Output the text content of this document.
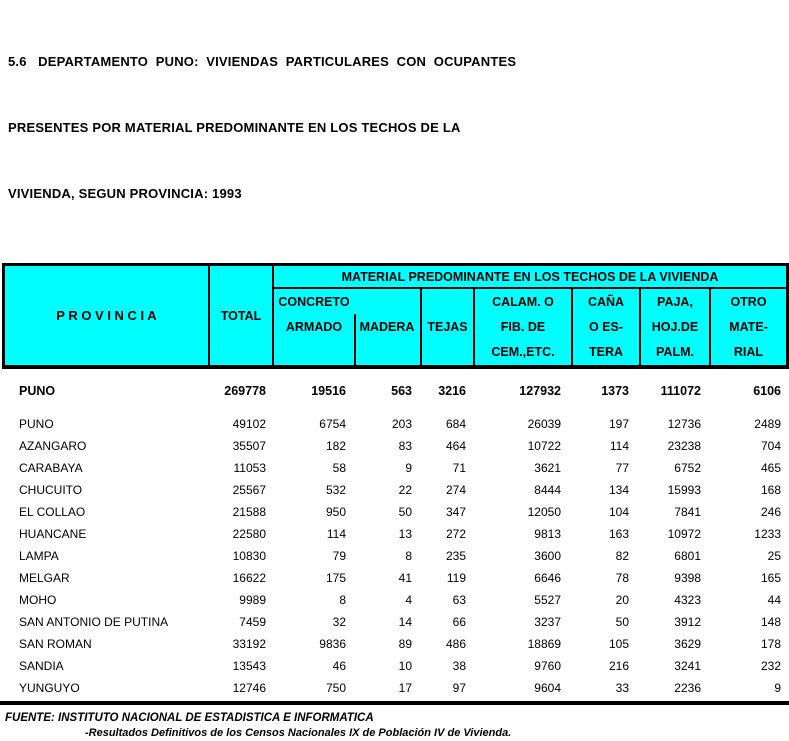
5.6   DEPARTAMENTO  PUNO:  VIVIENDAS  PARTICULARES  CON  OCUPANTES

PRESENTES POR MATERIAL PREDOMINANTE EN LOS TECHOS DE LA

VIVIENDA, SEGUN PROVINCIA: 1993

P R O V I N C I A	TOTAL
MATERIAL PREDOMINANTE EN LOS TECHOS DE LA VIVIENDA
CONCRETO
ARMADO	MADERA	TEJAS
CALAM. O
FIB. DE
CEM.,ETC.
CAÑA
O ES-
TERA
PAJA,
HOJ.DE
PALM.
OTRO
MATE-
RIAL
PUNO	269778	19516	563	3216	127932	1373	111072	6106
PUNO	49102	6754	203	684	26039	197	12736	2489
AZANGARO	35507	182	83	464	10722	114	23238	704
CARABAYA	11053	58	9	71	3621	77	6752	465
CHUCUITO	25567	532	22	274	8444	134	15993	168
EL COLLAO	21588	950	50	347	12050	104	7841	246
HUANCANE	22580	114	13	272	9813	163	10972	1233
LAMPA	10830	79	8	235	3600	82	6801	25
MELGAR	16622	175	41	119	6646	78	9398	165
MOHO	9989	8	4	63	5527	20	4323	44
SAN ANTONIO DE PUTINA	7459	32	14	66	3237	50	3912	148
SAN ROMAN	33192	9836	89	486	18869	105	3629	178
SANDIA	13543	46	10	38	9760	216	3241	232
YUNGUYO	12746	750	17	97	9604	33	2236	9
FUENTE: INSTITUTO NACIONAL DE ESTADISTICA E INFORMATICA
-Resultados Definitivos de los Censos Nacionales IX de Población IV de Vivienda.
